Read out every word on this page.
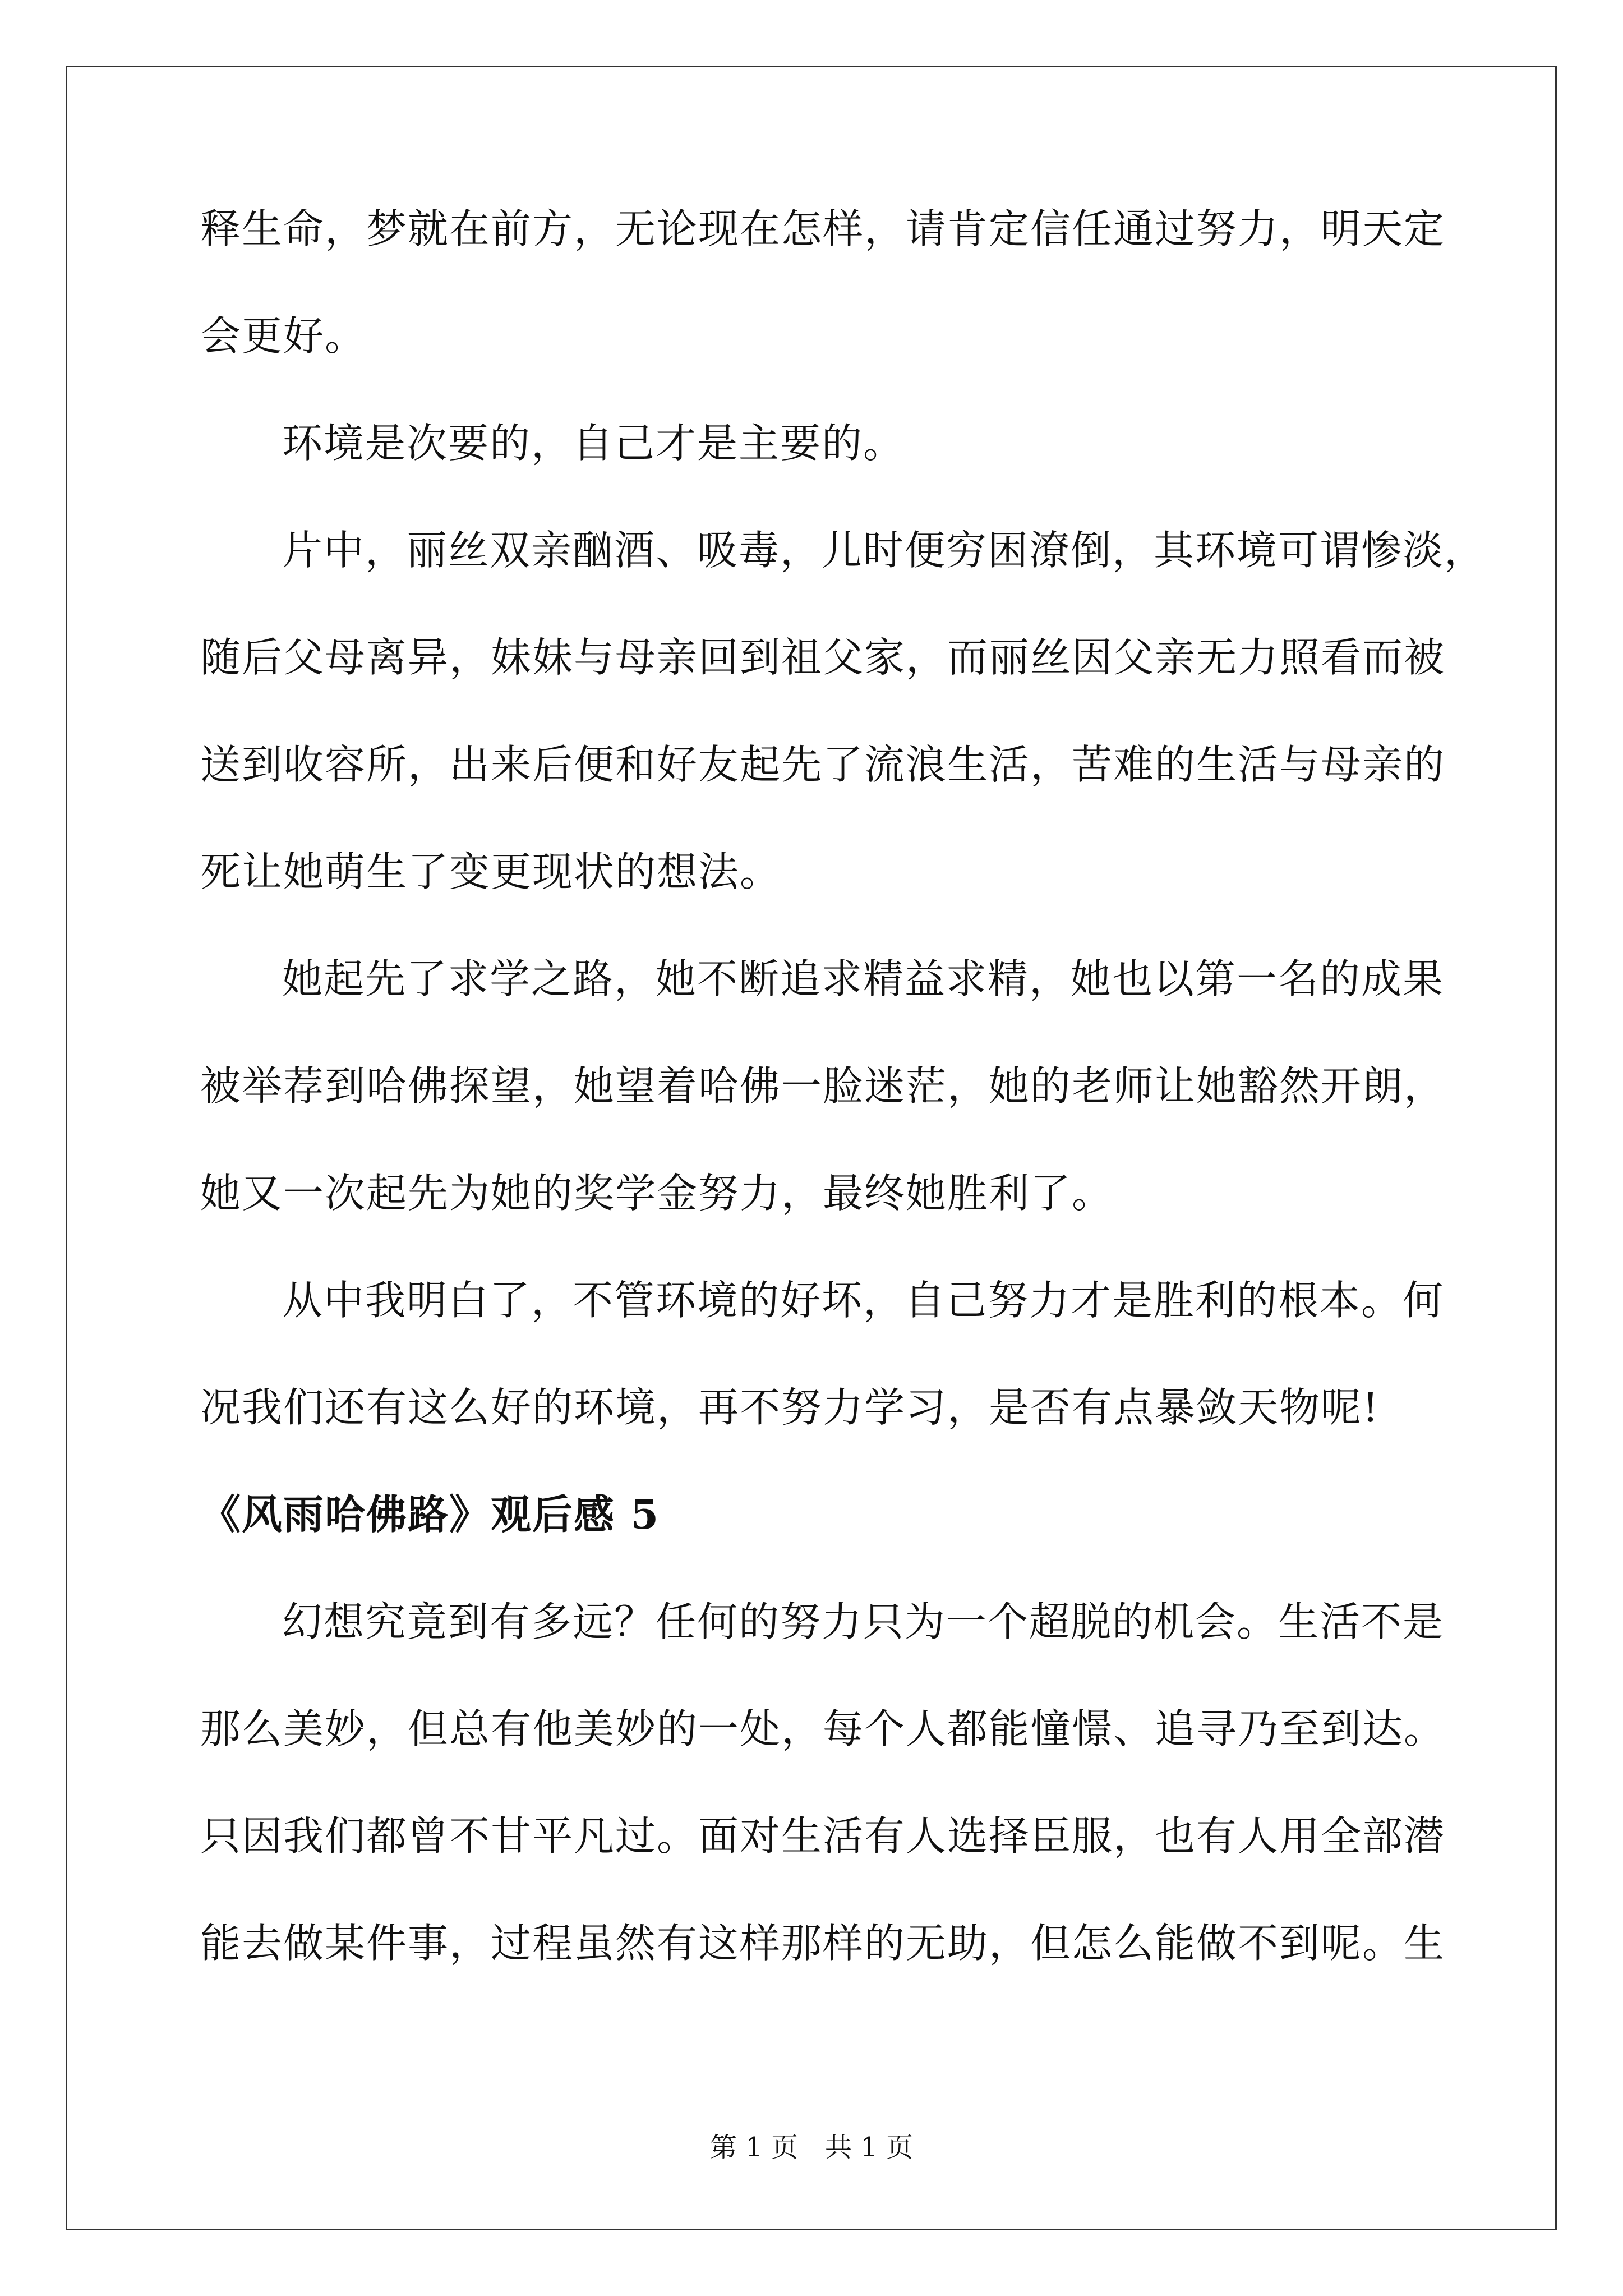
释生命，梦就在前方，无论现在怎样，请肯定信任通过努力，明天定

会更好。

环境是次要的，自己才是主要的。

片中，丽丝双亲酗酒、吸毒，儿时便穷困潦倒，其环境可谓惨淡，

随后父母离异，妹妹与母亲回到祖父家，而丽丝因父亲无力照看而被

送到收容所，出来后便和好友起先了流浪生活，苦难的生活与母亲的

死让她萌生了变更现状的想法。

她起先了求学之路，她不断追求精益求精，她也以第一名的成果

被举荐到哈佛探望，她望着哈佛一脸迷茫，她的老师让她豁然开朗，

她又一次起先为她的奖学金努力，最终她胜利了。

从中我明白了，不管环境的好坏，自己努力才是胜利的根本。何

况我们还有这么好的环境，再不努力学习，是否有点暴敛天物呢!

《风雨哈佛路》观后感 5

幻想究竟到有多远？任何的努力只为一个超脱的机会。生活不是

那么美妙，但总有他美妙的一处，每个人都能憧憬、追寻乃至到达。

只因我们都曾不甘平凡过。面对生活有人选择臣服，也有人用全部潜

能去做某件事，过程虽然有这样那样的无助，但怎么能做不到呢。生

第 1 页　共 1 页
